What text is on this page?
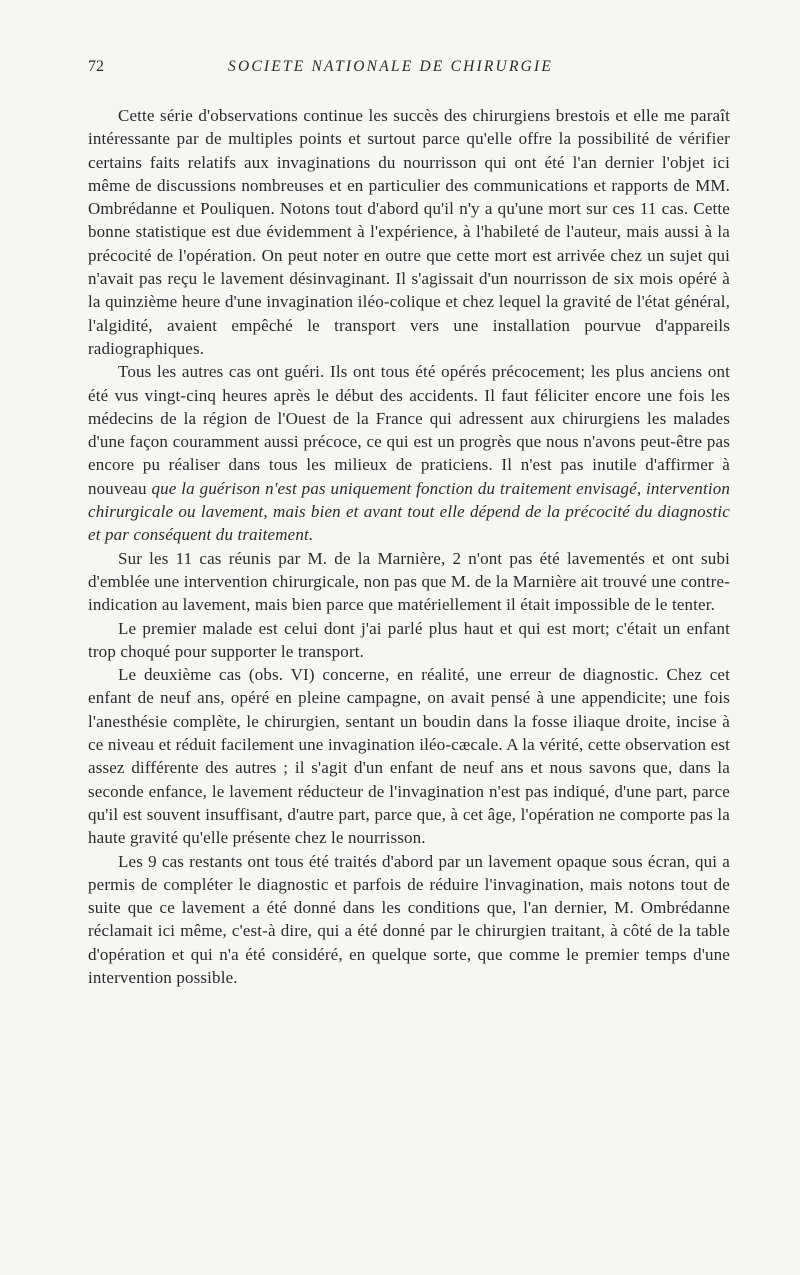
72	SOCIETE NATIONALE DE CHIRURGIE

Cette série d'observations continue les succès des chirurgiens brestois et elle me paraît intéressante par de multiples points et surtout parce qu'elle offre la possibilité de vérifier certains faits relatifs aux invaginations du nourrisson qui ont été l'an dernier l'objet ici même de discussions nombreuses et en particulier des communications et rapports de MM. Ombrédanne et Pouliquen. Notons tout d'abord qu'il n'y a qu'une mort sur ces 11 cas. Cette bonne statistique est due évidemment à l'expérience, à l'habileté de l'auteur, mais aussi à la précocité de l'opération. On peut noter en outre que cette mort est arrivée chez un sujet qui n'avait pas reçu le lavement désinvaginant. Il s'agissait d'un nourrisson de six mois opéré à la quinzième heure d'une invagination iléo-colique et chez lequel la gravité de l'état général, l'algidité, avaient empêché le transport vers une installation pourvue d'appareils radiographiques.

Tous les autres cas ont guéri. Ils ont tous été opérés précocement; les plus anciens ont été vus vingt-cinq heures après le début des accidents. Il faut féliciter encore une fois les médecins de la région de l'Ouest de la France qui adressent aux chirurgiens les malades d'une façon couramment aussi précoce, ce qui est un progrès que nous n'avons peut-être pas encore pu réaliser dans tous les milieux de praticiens. Il n'est pas inutile d'affirmer à nouveau que la guérison n'est pas uniquement fonction du traitement envisagé, intervention chirurgicale ou lavement, mais bien et avant tout elle dépend de la précocité du diagnostic et par conséquent du traitement.

Sur les 11 cas réunis par M. de la Marnière, 2 n'ont pas été lavementés et ont subi d'emblée une intervention chirurgicale, non pas que M. de la Marnière ait trouvé une contre-indication au lavement, mais bien parce que matériellement il était impossible de le tenter.

Le premier malade est celui dont j'ai parlé plus haut et qui est mort; c'était un enfant trop choqué pour supporter le transport.

Le deuxième cas (obs. VI) concerne, en réalité, une erreur de diagnostic. Chez cet enfant de neuf ans, opéré en pleine campagne, on avait pensé à une appendicite; une fois l'anesthésie complète, le chirurgien, sentant un boudin dans la fosse iliaque droite, incise à ce niveau et réduit facilement une invagination iléo-cæcale. A la vérité, cette observation est assez différente des autres ; il s'agit d'un enfant de neuf ans et nous savons que, dans la seconde enfance, le lavement réducteur de l'invagination n'est pas indiqué, d'une part, parce qu'il est souvent insuffisant, d'autre part, parce que, à cet âge, l'opération ne comporte pas la haute gravité qu'elle présente chez le nourrisson.

Les 9 cas restants ont tous été traités d'abord par un lavement opaque sous écran, qui a permis de compléter le diagnostic et parfois de réduire l'invagination, mais notons tout de suite que ce lavement a été donné dans les conditions que, l'an dernier, M. Ombrédanne réclamait ici même, c'est-à dire, qui a été donné par le chirurgien traitant, à côté de la table d'opération et qui n'a été considéré, en quelque sorte, que comme le premier temps d'une intervention possible.
